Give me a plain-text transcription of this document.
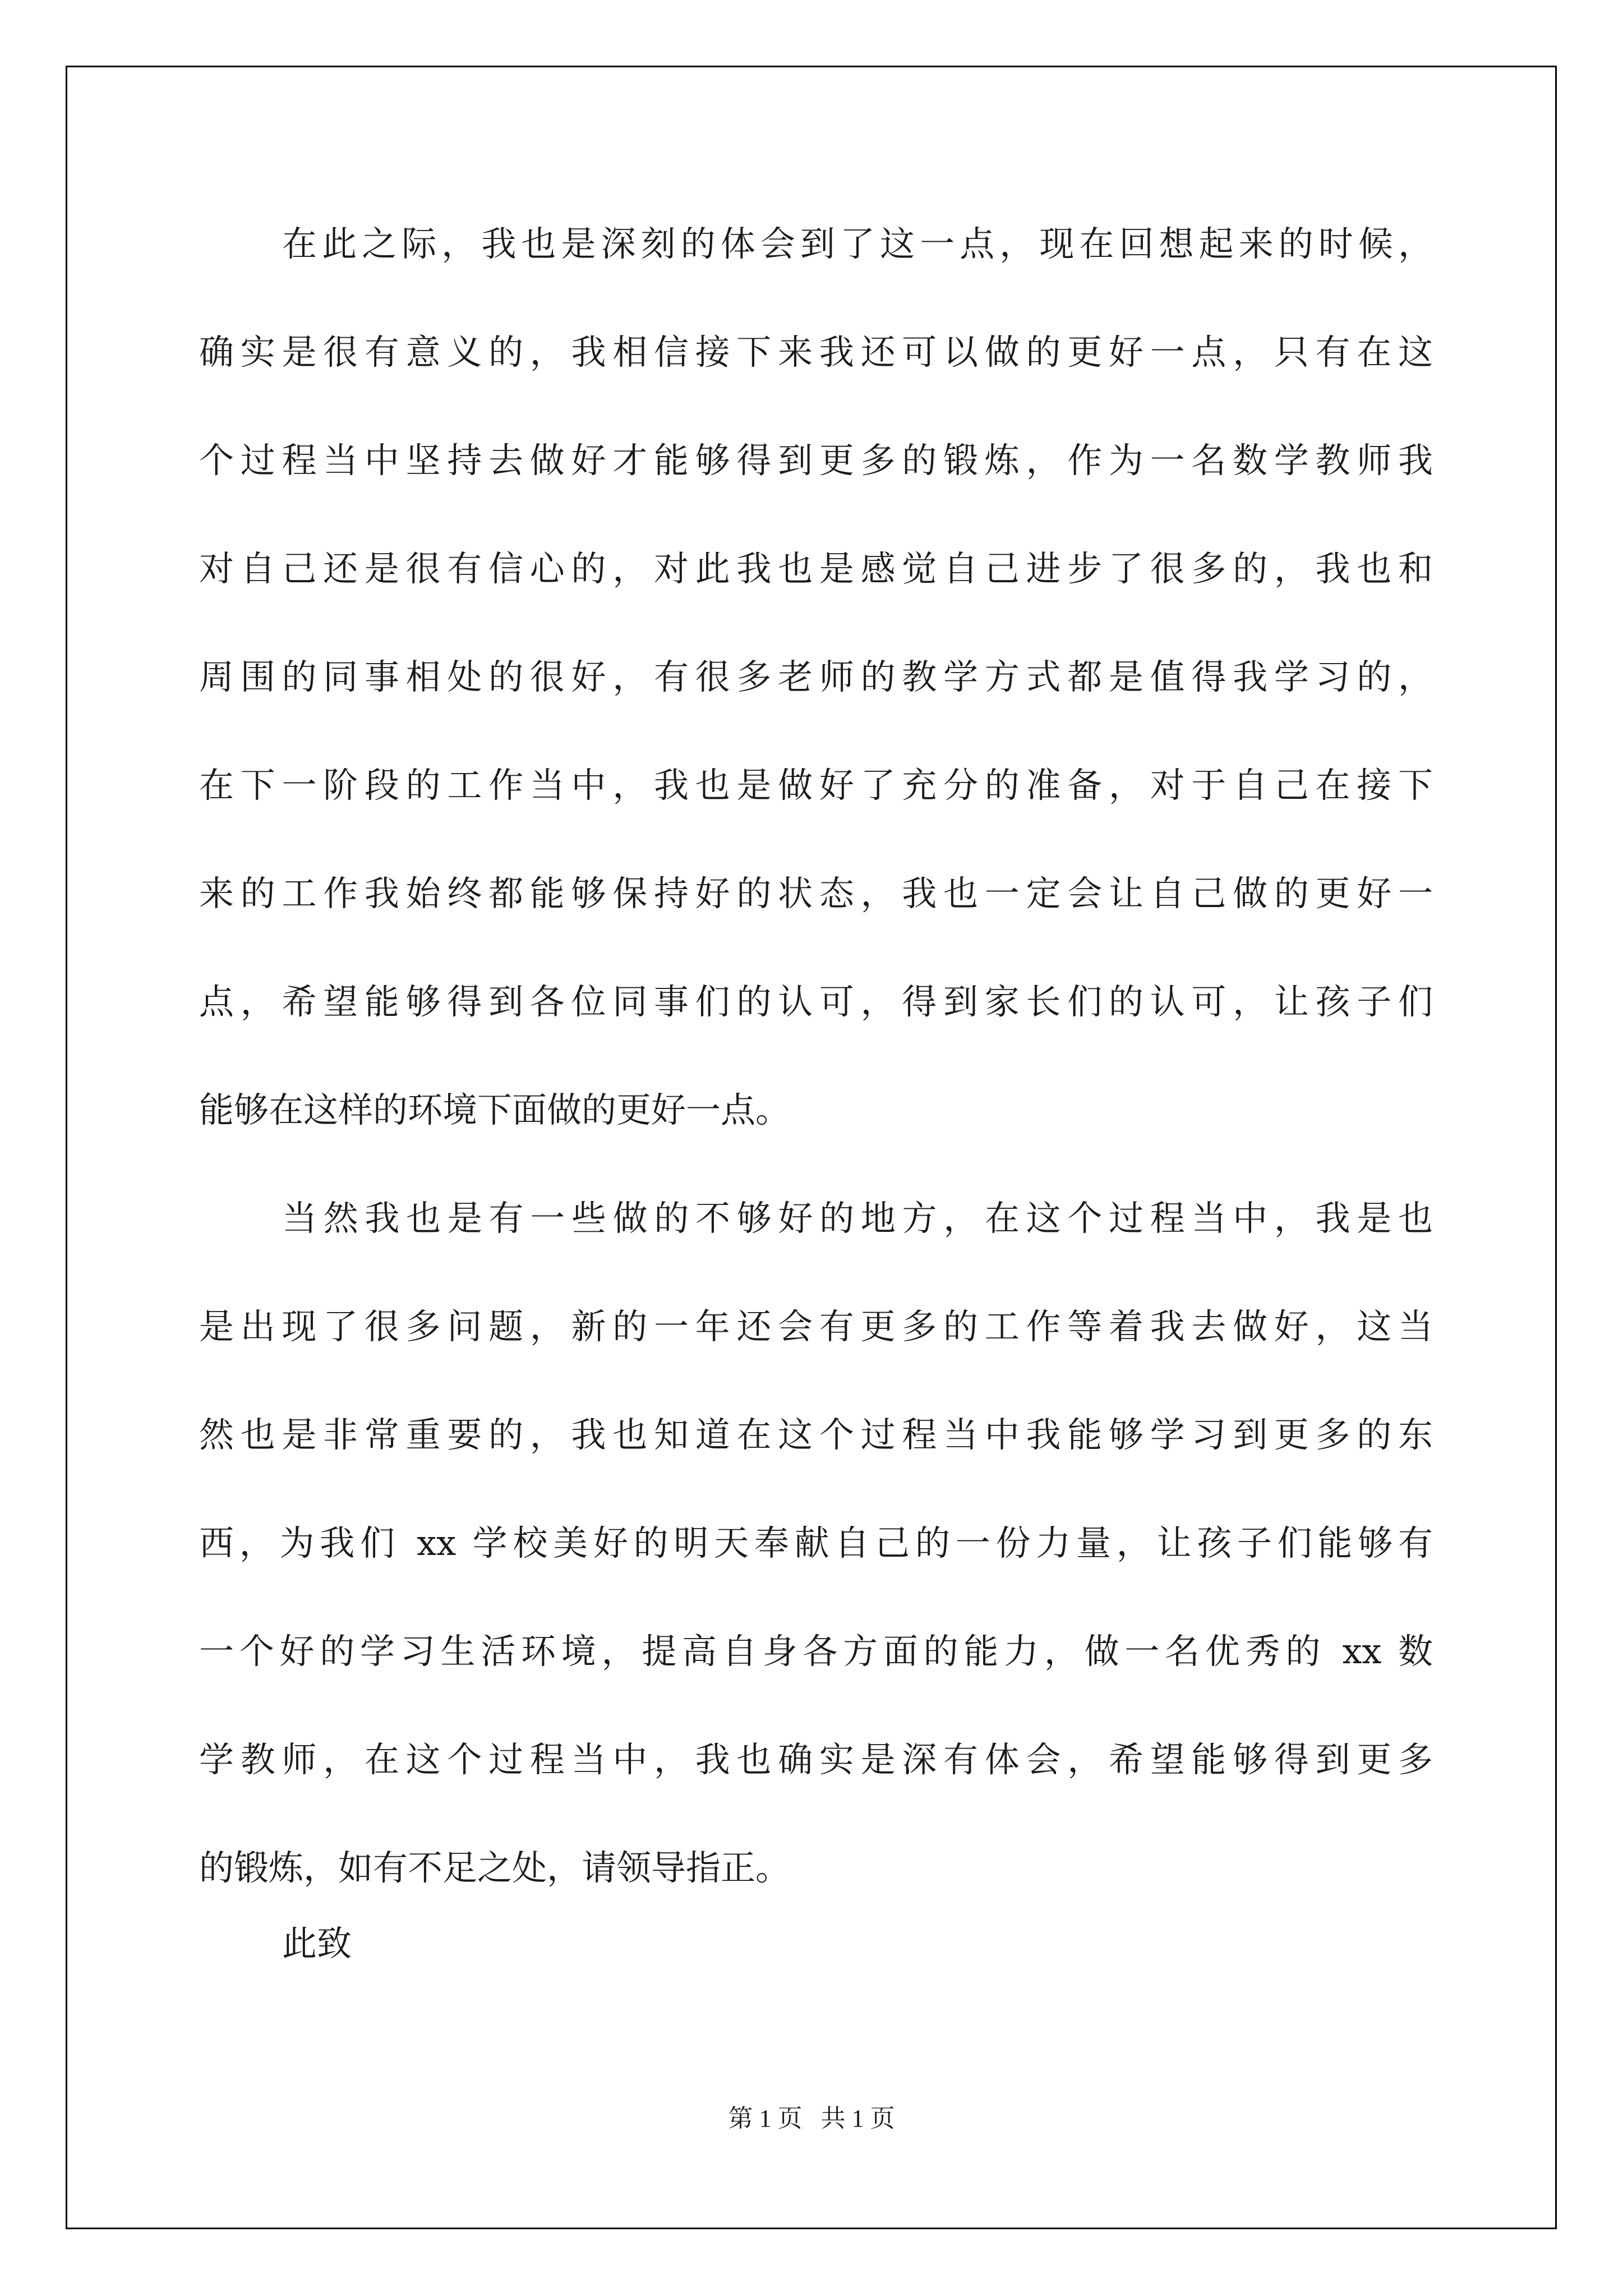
在此之际，我也是深刻的体会到了这一点，现在回想起来的时候，
确实是很有意义的，我相信接下来我还可以做的更好一点，只有在这
个过程当中坚持去做好才能够得到更多的锻炼，作为一名数学教师我
对自己还是很有信心的，对此我也是感觉自己进步了很多的，我也和
周围的同事相处的很好，有很多老师的教学方式都是值得我学习的，
在下一阶段的工作当中，我也是做好了充分的准备，对于自己在接下
来的工作我始终都能够保持好的状态，我也一定会让自己做的更好一
点，希望能够得到各位同事们的认可，得到家长们的认可，让孩子们
能够在这样的环境下面做的更好一点。
当然我也是有一些做的不够好的地方，在这个过程当中，我是也
是出现了很多问题，新的一年还会有更多的工作等着我去做好，这当
然也是非常重要的，我也知道在这个过程当中我能够学习到更多的东
西，为我们 xx 学校美好的明天奉献自己的一份力量，让孩子们能够有
一个好的学习生活环境，提高自身各方面的能力，做一名优秀的 xx 数
学教师，在这个过程当中，我也确实是深有体会，希望能够得到更多
的锻炼，如有不足之处，请领导指正。
此致
第 1 页   共 1 页
